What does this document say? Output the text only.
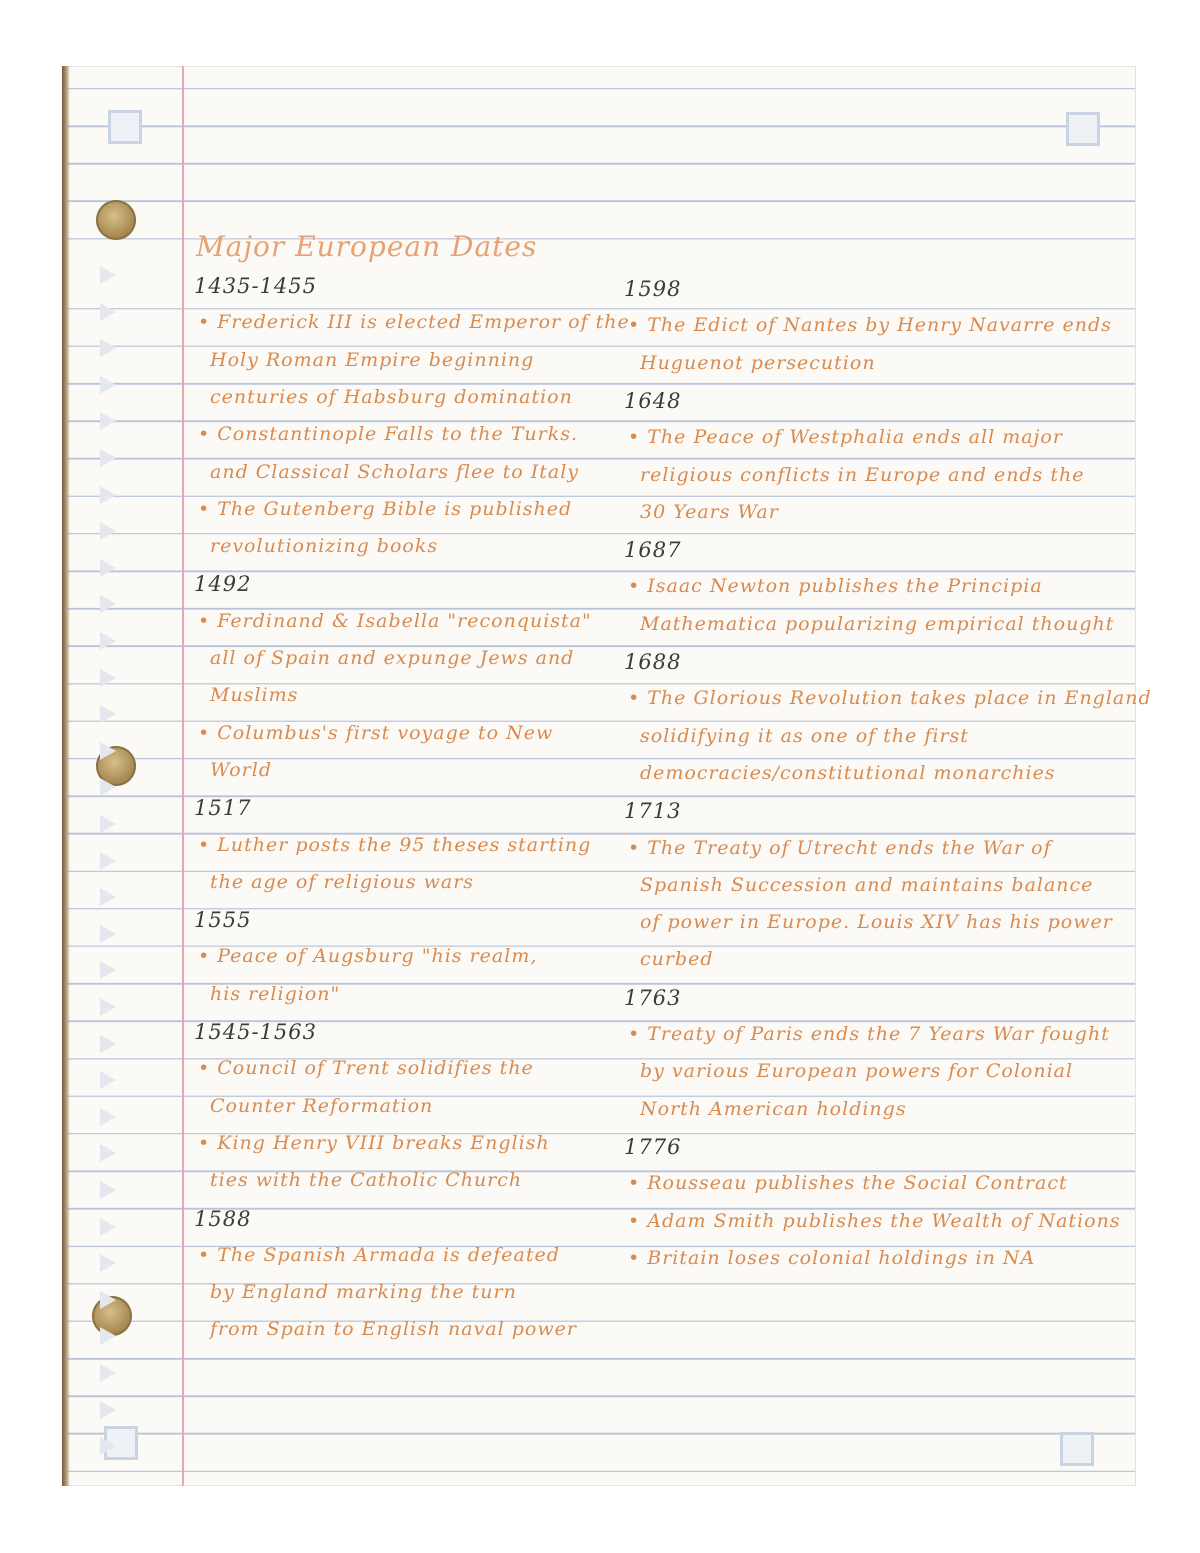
Major European Dates
1435-1455
• Frederick III is elected Emperor of the
Holy Roman Empire beginning
centuries of Habsburg domination
• Constantinople Falls to the Turks.
and Classical Scholars flee to Italy
• The Gutenberg Bible is published
revolutionizing books
1492
• Ferdinand & Isabella "reconquista"
all of Spain and expunge Jews and
Muslims
• Columbus's first voyage to New
World
1517
• Luther posts the 95 theses starting
the age of religious wars
1555
• Peace of Augsburg "his realm,
his religion"
1545-1563
• Council of Trent solidifies the
Counter Reformation
• King Henry VIII breaks English
ties with the Catholic Church
1588
• The Spanish Armada is defeated
by England marking the turn
from Spain to English naval power
1598
• The Edict of Nantes by Henry Navarre ends
Huguenot persecution
1648
• The Peace of Westphalia ends all major
religious conflicts in Europe and ends the
30 Years War
1687
• Isaac Newton publishes the Principia
Mathematica popularizing empirical thought
1688
• The Glorious Revolution takes place in England
solidifying it as one of the first
democracies/constitutional monarchies
1713
• The Treaty of Utrecht ends the War of
Spanish Succession and maintains balance
of power in Europe. Louis XIV has his power
curbed
1763
• Treaty of Paris ends the 7 Years War fought
by various European powers for Colonial
North American holdings
1776
• Rousseau publishes the Social Contract
• Adam Smith publishes the Wealth of Nations
• Britain loses colonial holdings in NA
